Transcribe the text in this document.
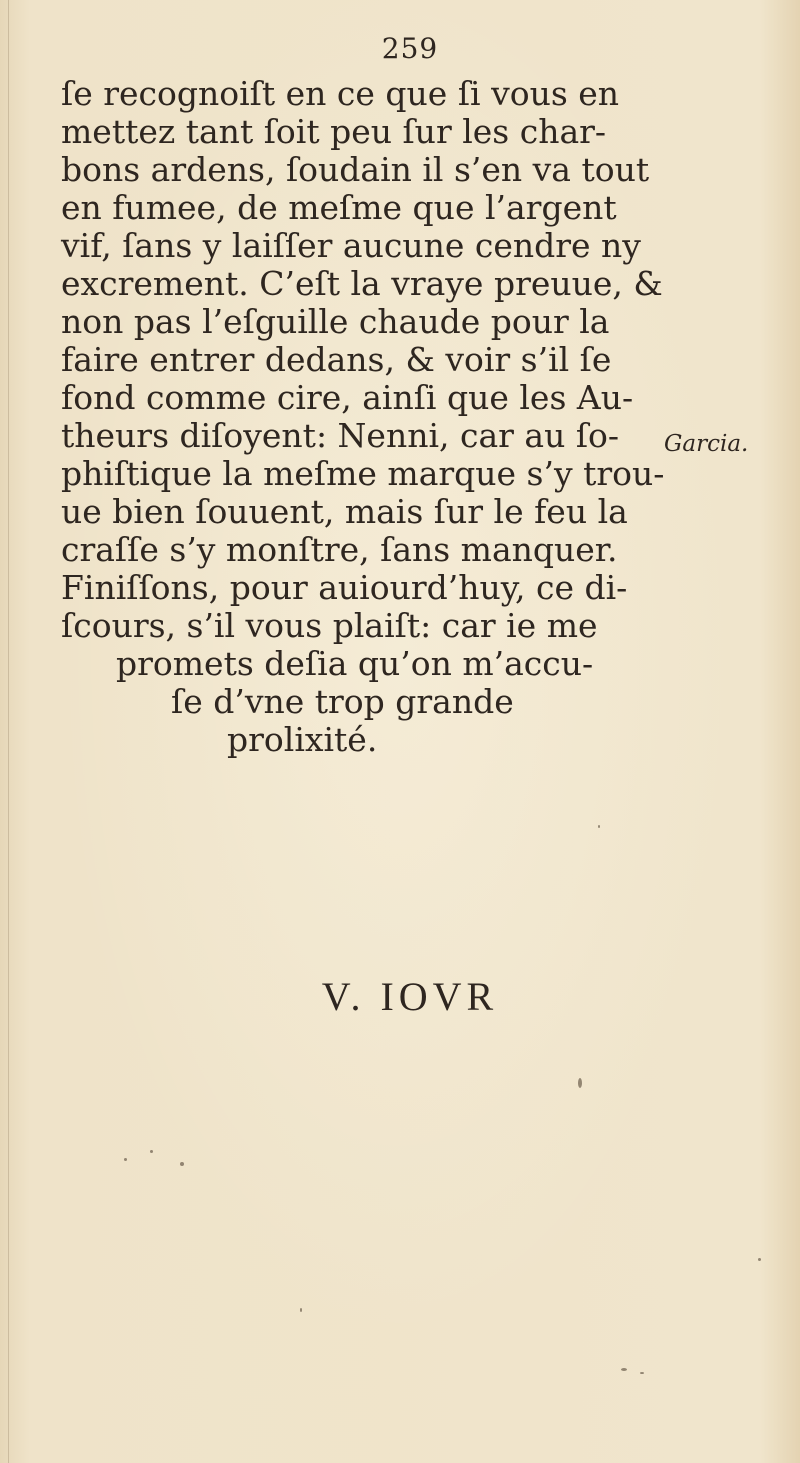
259
ſe recognoiſt en ce que ſi vous en
mettez tant ſoit peu ſur les char-
bons ardens, ſoudain il s’en va tout
en fumee, de meſme que l’argent
vif, ſans y laiſſer aucune cendre ny
excrement. C’eſt la vraye preuue, &
non pas l’eſguille chaude pour la
faire entrer dedans, & voir s’il ſe
fond comme cire, ainſi que les Au-
theurs diſoyent: Nenni, car au ſo-
phiſtique la meſme marque s’y trou-
ue bien ſouuent, mais ſur le feu la
craſſe s’y monſtre, ſans manquer.
Finiſſons, pour auiourd’huy, ce di-
ſcours, s’il vous plaiſt: car ie me
promets deſia qu’on m’accu-
ſe d’vne trop grande
prolixité.
Garcia.
V. IOVR
